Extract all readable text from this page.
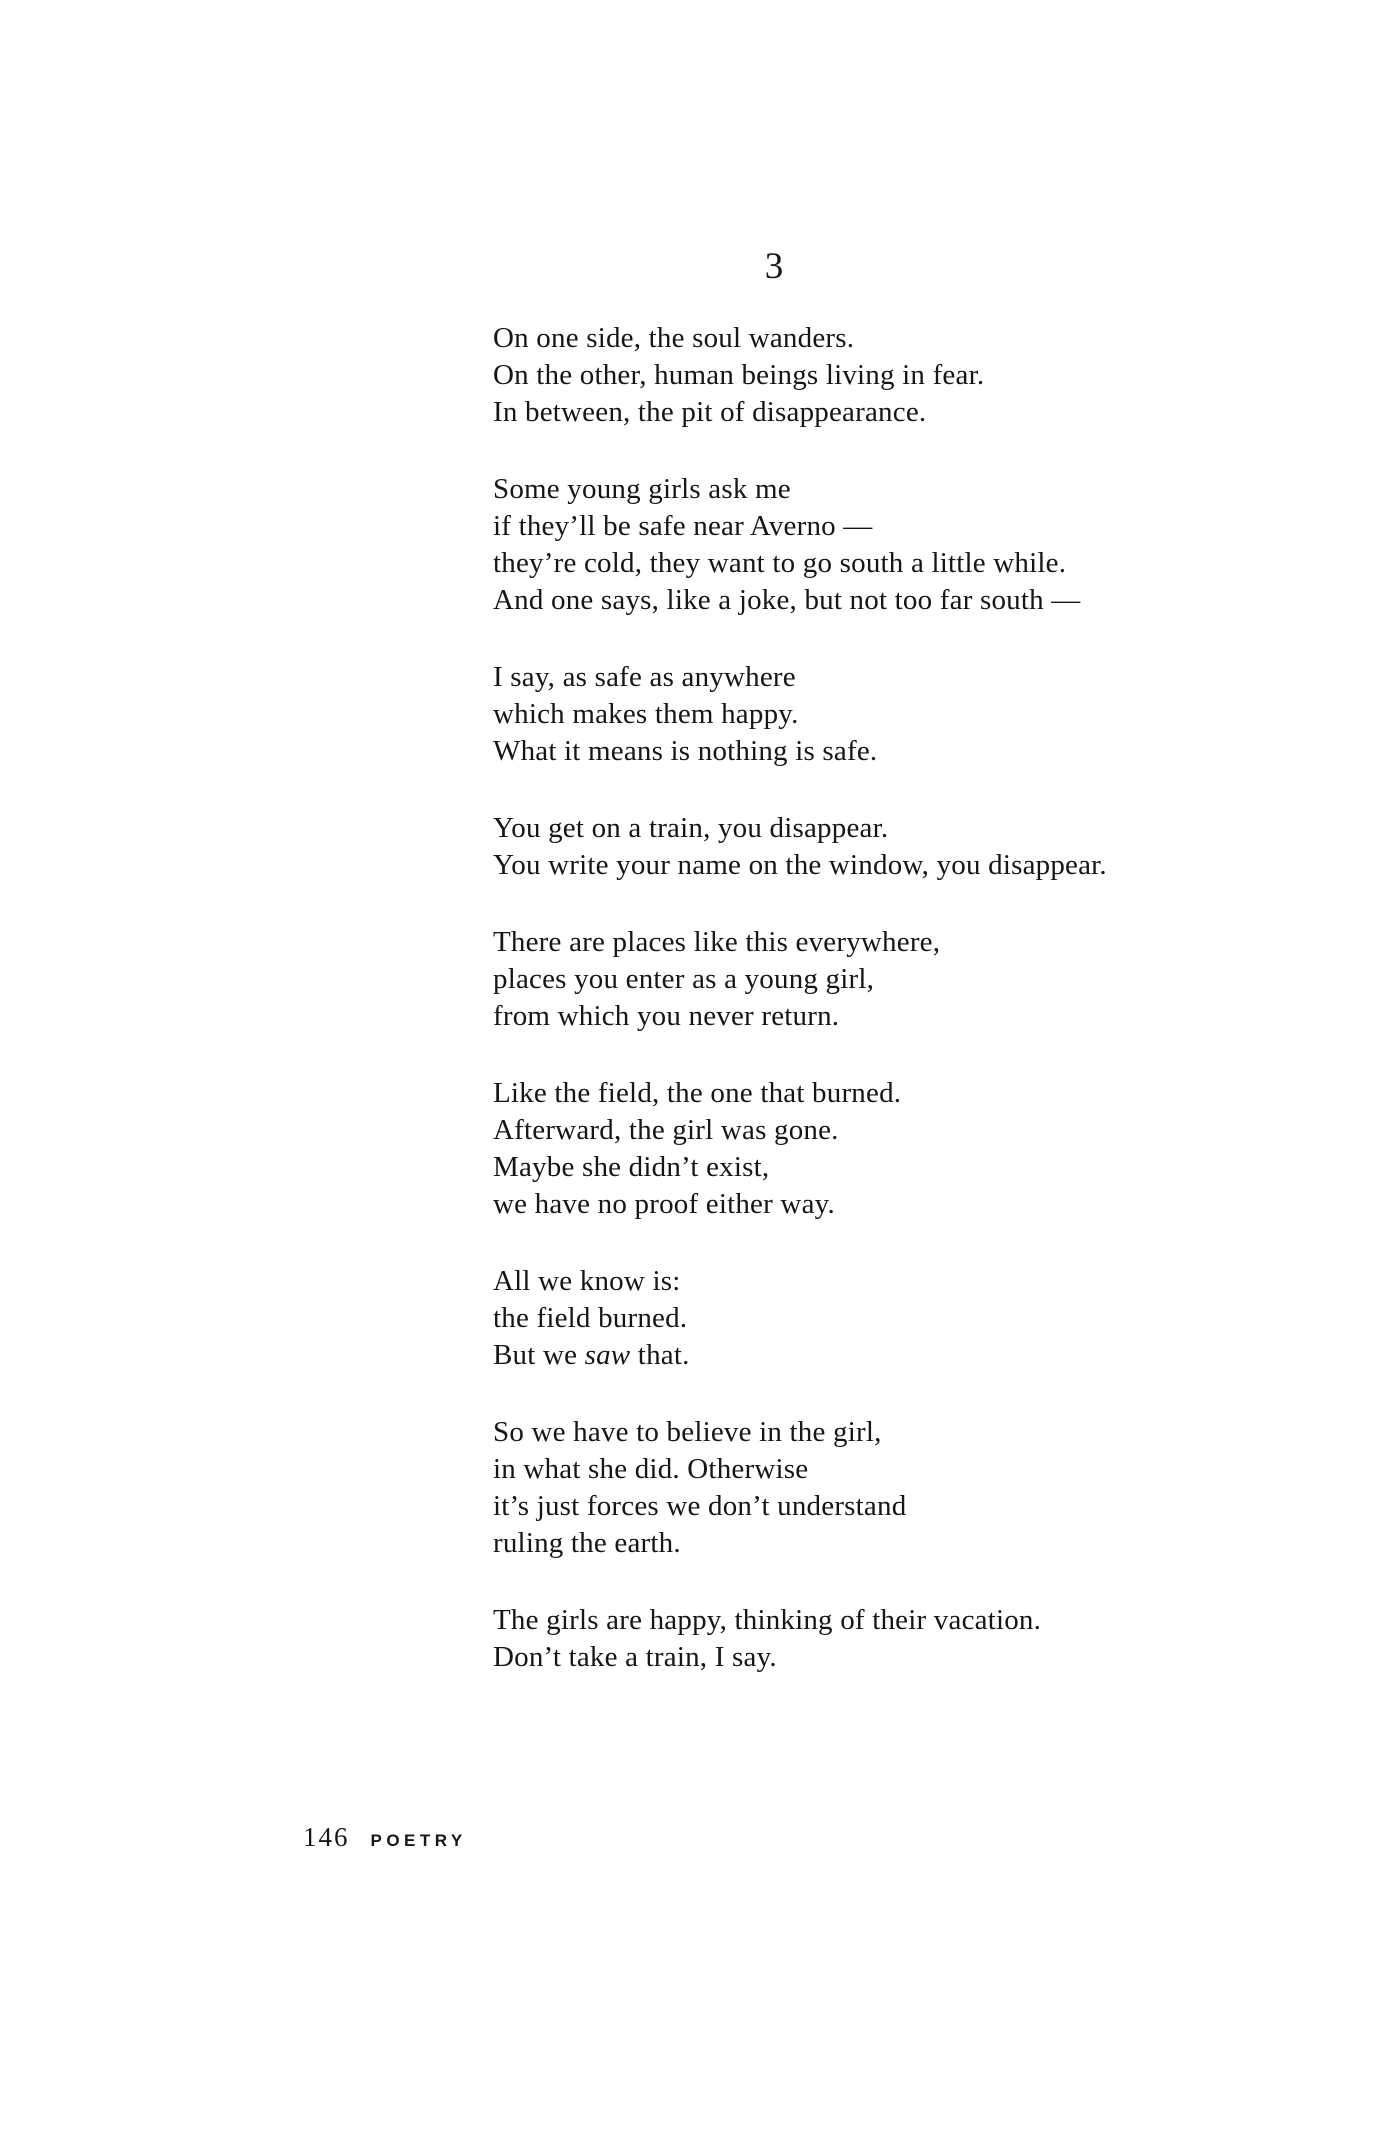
3
On one side, the soul wanders.
On the other, human beings living in fear.
In between, the pit of disappearance.
Some young girls ask me
if they’ll be safe near Averno —
they’re cold, they want to go south a little while.
And one says, like a joke, but not too far south —
I say, as safe as anywhere
which makes them happy.
What it means is nothing is safe.
You get on a train, you disappear.
You write your name on the window, you disappear.
There are places like this everywhere,
places you enter as a young girl,
from which you never return.
Like the field, the one that burned.
Afterward, the girl was gone.
Maybe she didn’t exist,
we have no proof either way.
All we know is:
the field burned.
But we saw that.
So we have to believe in the girl,
in what she did. Otherwise
it’s just forces we don’t understand
ruling the earth.
The girls are happy, thinking of their vacation.
Don’t take a train, I say.
146 POETRY
